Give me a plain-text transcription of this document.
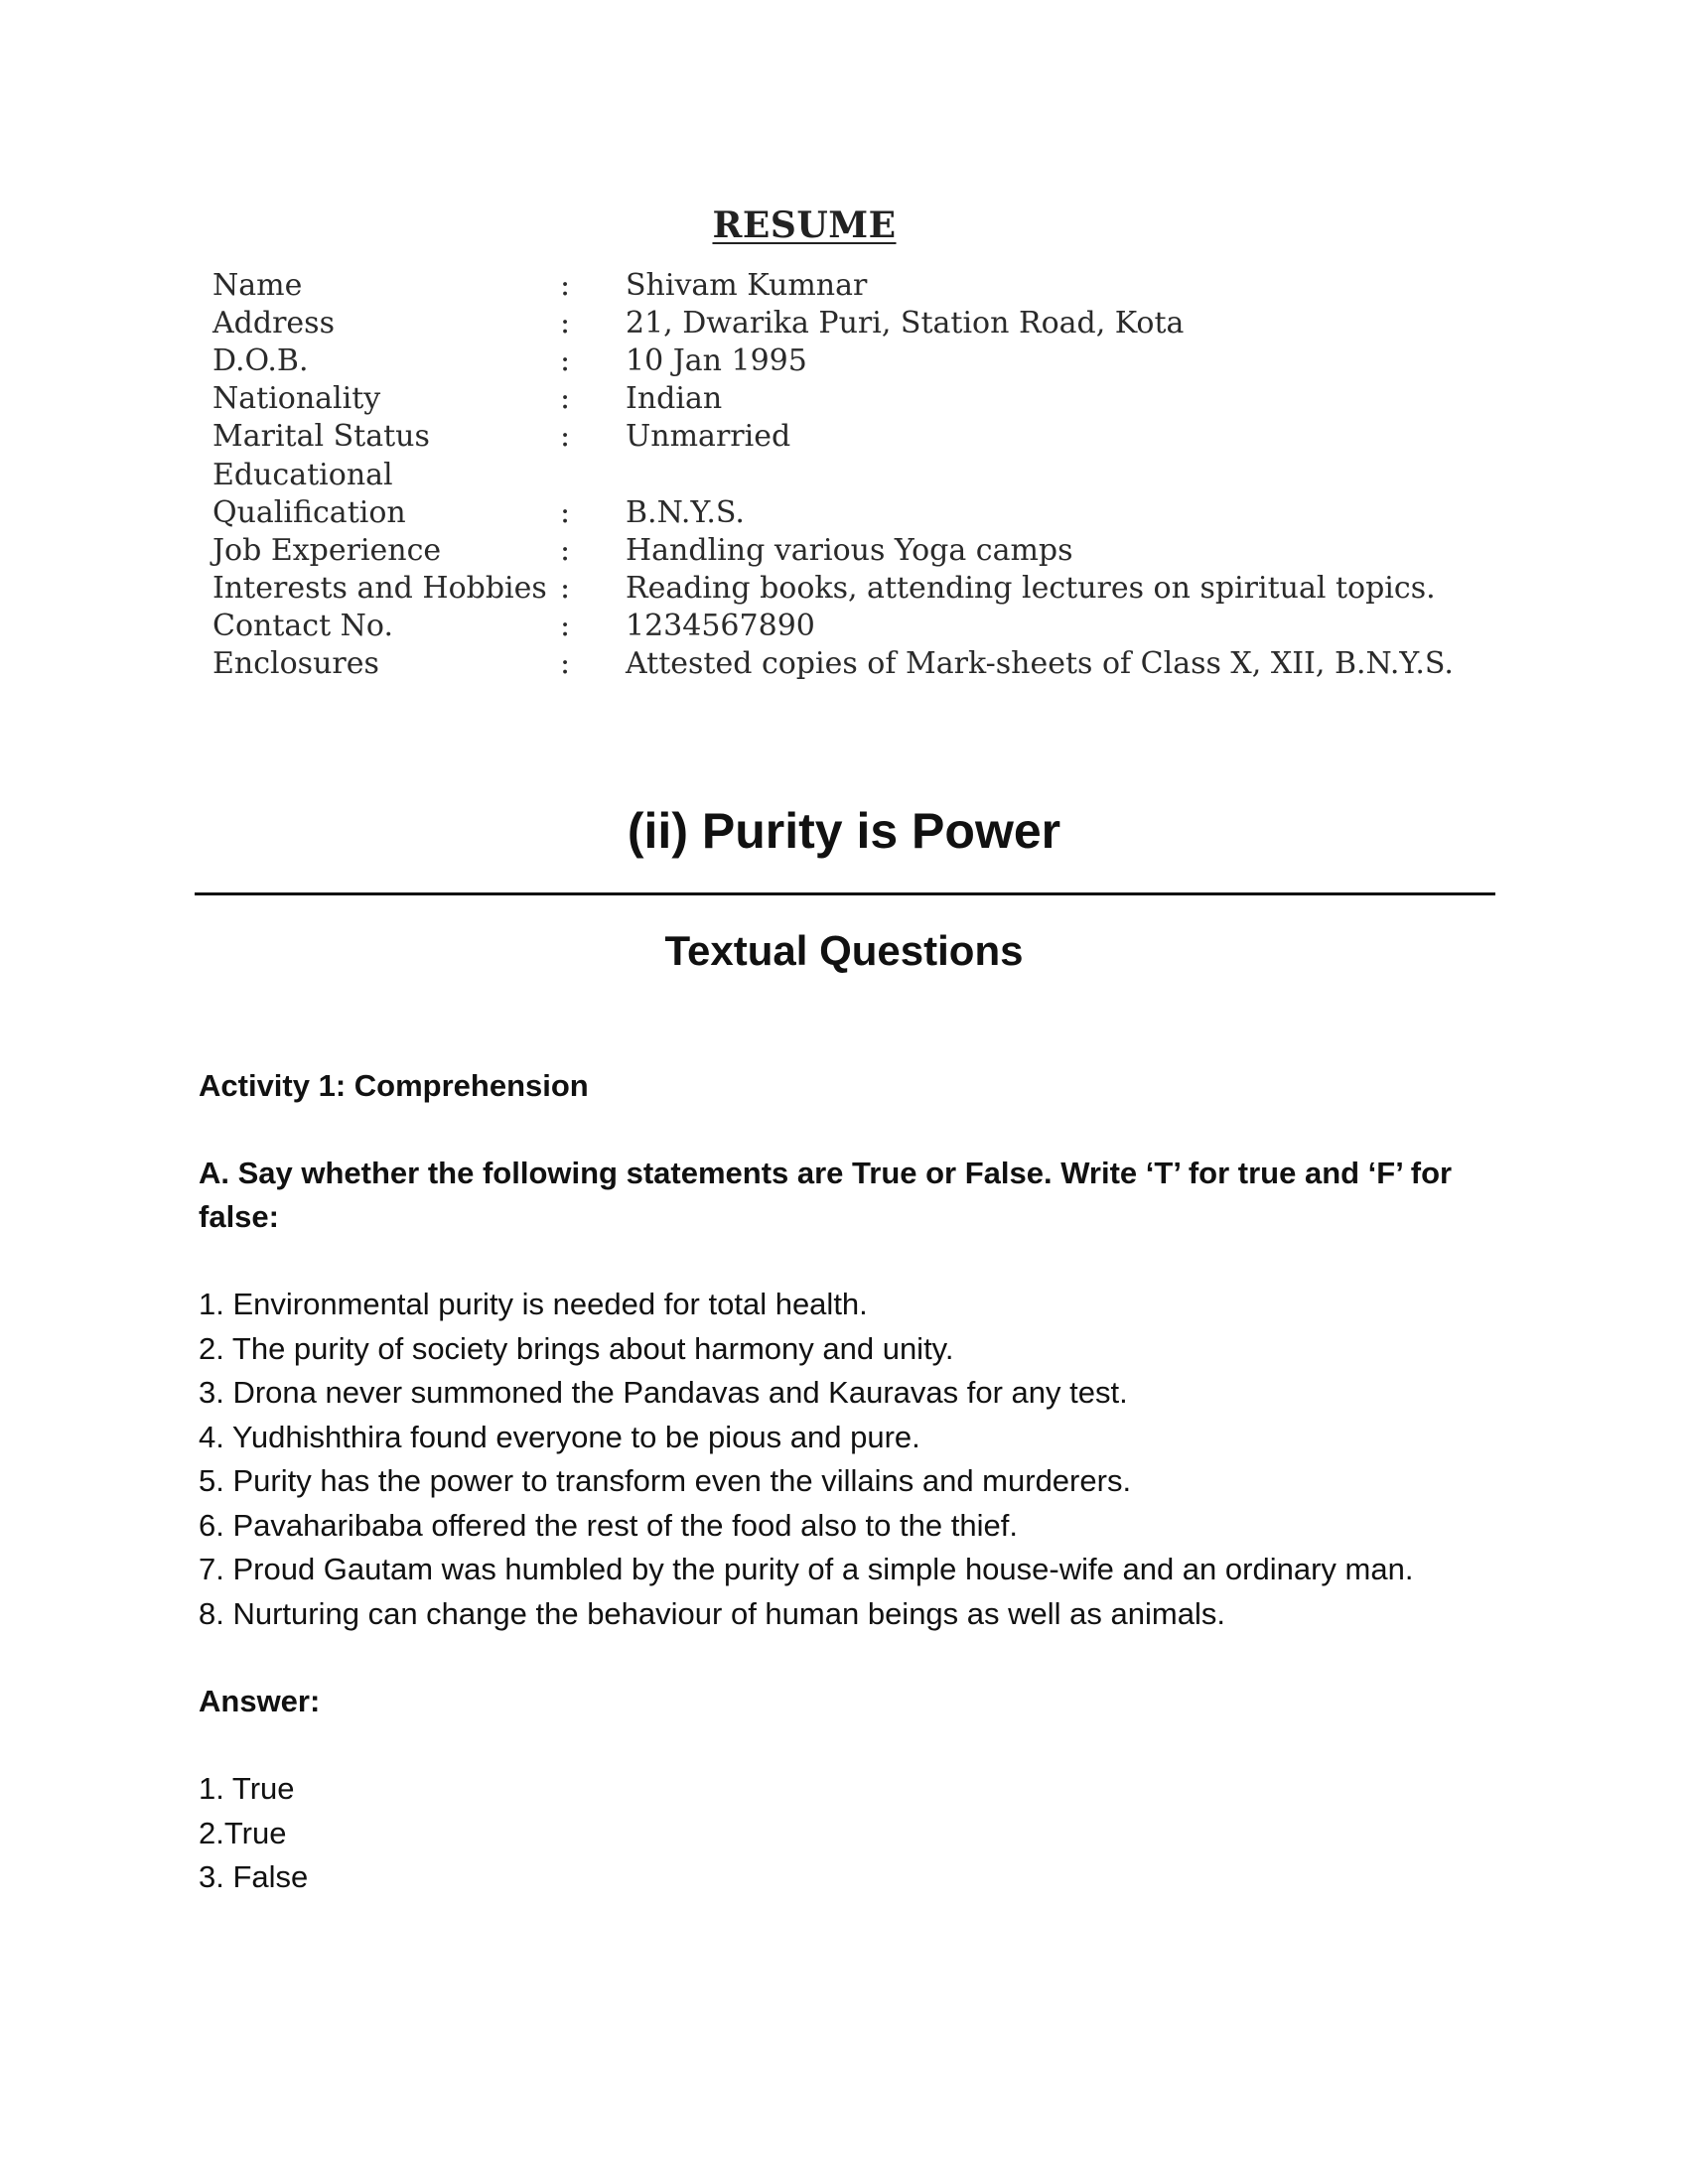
RESUME
Name	:	Shivam Kumnar
Address	:	21, Dwarika Puri, Station Road, Kota
D.O.B.	:	10 Jan 1995
Nationality	:	Indian
Marital Status	:	Unmarried
Educational
Qualification	:	B.N.Y.S.
Job Experience	:	Handling various Yoga camps
Interests and Hobbies :	Reading books, attending lectures on spiritual topics.
Contact No.	:	1234567890
Enclosures	:	Attested copies of Mark-sheets of Class X, XII, B.N.Y.S.
(ii) Purity is Power
Textual Questions

Activity 1: Comprehension

A. Say whether the following statements are True or False. Write ‘T’ for true and ‘F’ for false:

1. Environmental purity is needed for total health.
2. The purity of society brings about harmony and unity.
3. Drona never summoned the Pandavas and Kauravas for any test.
4. Yudhishthira found everyone to be pious and pure.
5. Purity has the power to transform even the villains and murderers.
6. Pavaharibaba offered the rest of the food also to the thief.
7. Proud Gautam was humbled by the purity of a simple house-wife and an ordinary man.
8. Nurturing can change the behaviour of human beings as well as animals.

Answer:

1. True
2.True
3. False
